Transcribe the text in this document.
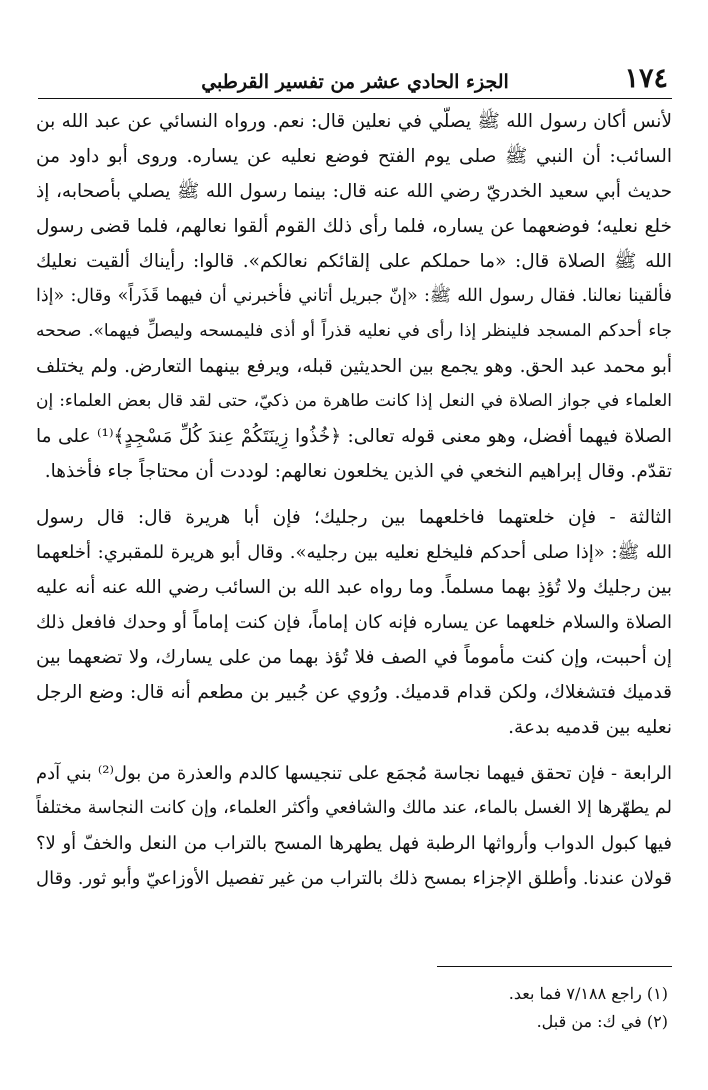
١٧٤
الجزء الحادي عشر من تفسير القرطبي

لأنس أكان رسول الله ﷺ يصلّي في نعلين قال: نعم. ورواه النسائي عن عبد الله بن
السائب: أن النبي ﷺ صلى يوم الفتح فوضع نعليه عن يساره. وروى أبو داود من
حديث أبي سعيد الخدريّ رضي الله عنه قال: بينما رسول الله ﷺ يصلي بأصحابه، إذ
خلع نعليه؛ فوضعهما عن يساره، فلما رأى ذلك القوم ألقوا نعالهم، فلما قضى رسول
الله ﷺ الصلاة قال: «ما حملكم على إلقائكم نعالكم». قالوا: رأيناك ألقيت نعليك
فألقينا نعالنا. فقال رسول الله ﷺ: «إنّ جبريل أتاني فأخبرني أن فيهما قَذَراً» وقال: «إذا
جاء أحدكم المسجد فلينظر إذا رأى في نعليه قذراً أو أذى فليمسحه وليصلِّ فيهما». صححه
أبو محمد عبد الحق. وهو يجمع بين الحديثين قبله، ويرفع بينهما التعارض. ولم يختلف
العلماء في جواز الصلاة في النعل إذا كانت طاهرة من ذكيّ، حتى لقد قال بعض العلماء: إن
الصلاة فيهما أفضل، وهو معنى قوله تعالى: ﴿خُذُوا زِينَتَكُمْ عِندَ كُلِّ مَسْجِدٍ﴾⁽¹⁾ على ما
تقدّم. وقال إبراهيم النخعي في الذين يخلعون نعالهم: لوددت أن محتاجاً جاء فأخذها.

الثالثة - فإن خلعتهما فاخلعهما بين رجليك؛ فإن أبا هريرة قال: قال رسول
الله ﷺ: «إذا صلى أحدكم فليخلع نعليه بين رجليه». وقال أبو هريرة للمقبري: أخلعهما
بين رجليك ولا تُؤذِ بهما مسلماً. وما رواه عبد الله بن السائب رضي الله عنه أنه عليه
الصلاة والسلام خلعهما عن يساره فإنه كان إماماً، فإن كنت إماماً أو وحدك فافعل ذلك
إن أحببت، وإن كنت مأموماً في الصف فلا تُؤذ بهما من على يسارك، ولا تضعهما بين
قدميك فتشغلاك، ولكن قدام قدميك. ورُوي عن جُبير بن مطعم أنه قال: وضع الرجل
نعليه بين قدميه بدعة.

الرابعة - فإن تحقق فيهما نجاسة مُجمَع على تنجيسها كالدم والعذرة من بول⁽²⁾ بني آدم
لم يطهّرها إلا الغسل بالماء، عند مالك والشافعي وأكثر العلماء، وإن كانت النجاسة مختلفاً
فيها كبول الدواب وأرواثها الرطبة فهل يطهرها المسح بالتراب من النعل والخفّ أو لا؟
قولان عندنا. وأطلق الإجزاء بمسح ذلك بالتراب من غير تفصيل الأوزاعيّ وأبو ثور. وقال

(١) راجع ٧/١٨٨ فما بعد.
(٢) في ك: من قبل.
